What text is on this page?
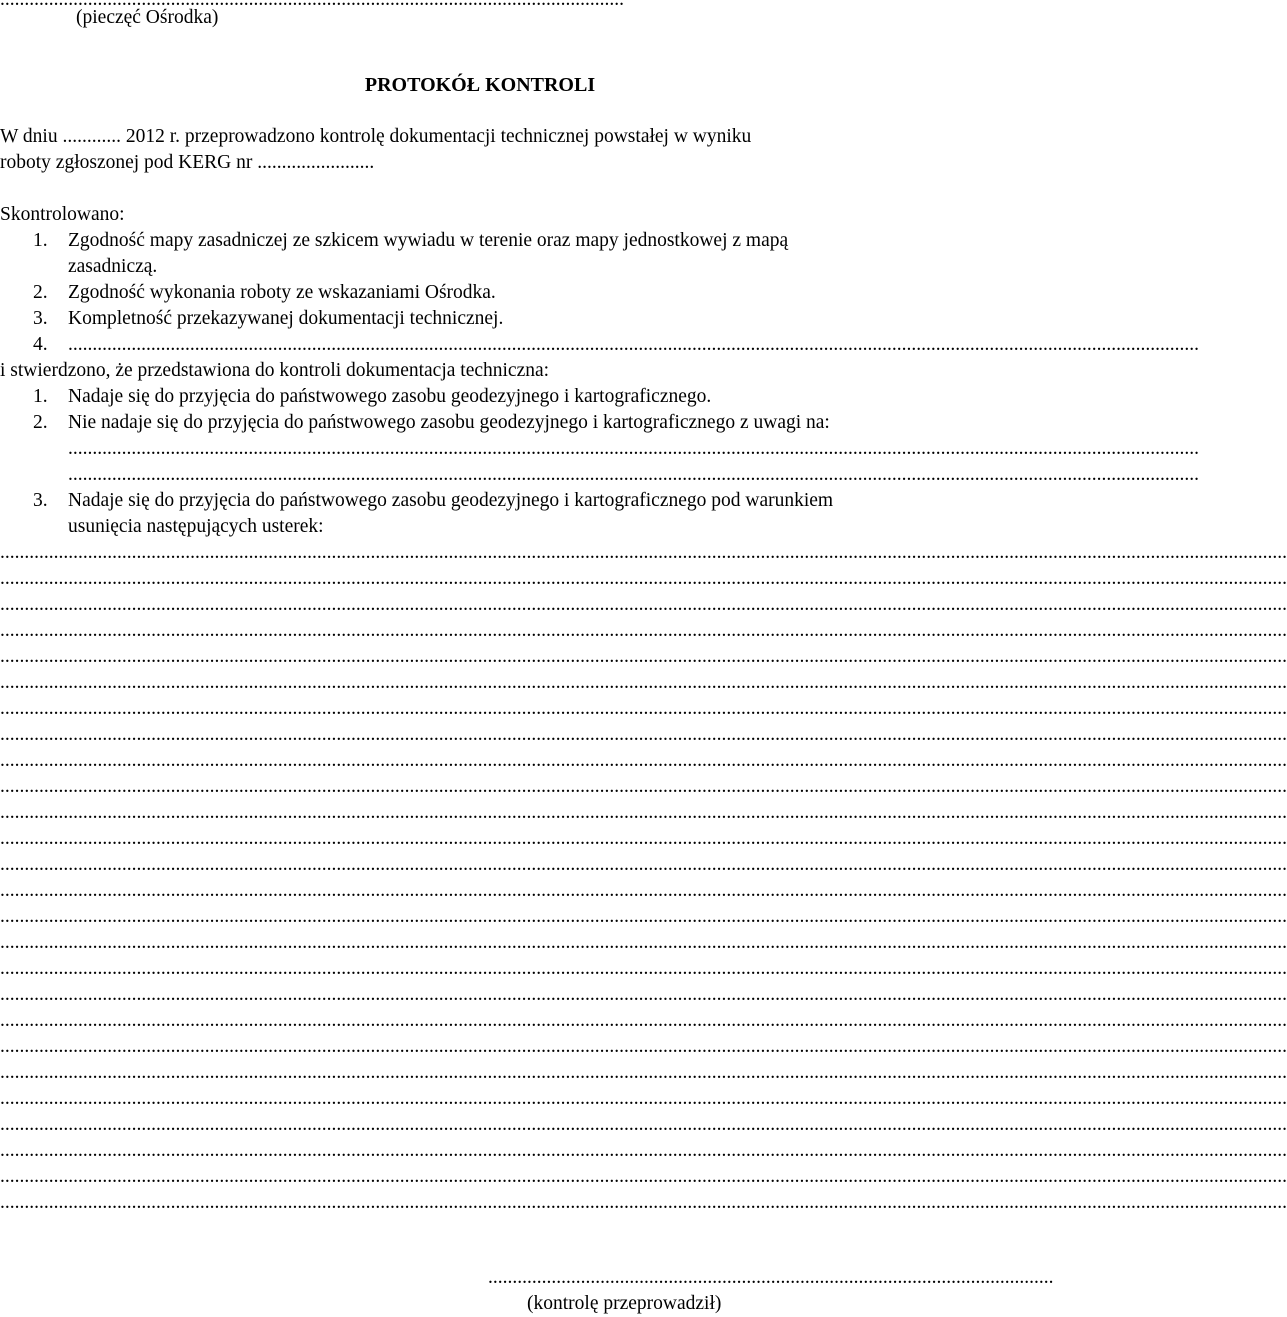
(pieczęć Ośrodka)
PROTOKÓŁ KONTROLI
W dniu ............ 2012 r. przeprowadzono kontrolę dokumentacji technicznej powstałej w wyniku
roboty zgłoszonej pod KERG nr ........................
Skontrolowano:
1.	Zgodność mapy zasadniczej ze szkicem wywiadu w terenie oraz mapy jednostkowej z mapą
zasadniczą.
2.	Zgodność wykonania roboty ze wskazaniami Ośrodka.
3.	Kompletność przekazywanej dokumentacji technicznej.
4.	........................................................................................................................................................................................................................................
i stwierdzono, że przedstawiona do kontroli dokumentacja techniczna:
1.	Nadaje się do przyjęcia do państwowego zasobu geodezyjnego i kartograficznego.
2.	Nie nadaje się do przyjęcia do państwowego zasobu geodezyjnego i kartograficznego z uwagi na:
........................................................................................................................................................................................................................................
........................................................................................................................................................................................................................................
3.	Nadaje się do przyjęcia do państwowego zasobu geodezyjnego i kartograficznego pod warunkiem
usunięcia następujących usterek:
........................................................................................................................................................................................................................................................................
........................................................................................................................................................................................................................................................................
........................................................................................................................................................................................................................................................................
........................................................................................................................................................................................................................................................................
........................................................................................................................................................................................................................................................................
........................................................................................................................................................................................................................................................................
........................................................................................................................................................................................................................................................................
........................................................................................................................................................................................................................................................................
........................................................................................................................................................................................................................................................................
........................................................................................................................................................................................................................................................................
........................................................................................................................................................................................................................................................................
........................................................................................................................................................................................................................................................................
........................................................................................................................................................................................................................................................................
........................................................................................................................................................................................................................................................................
........................................................................................................................................................................................................................................................................
........................................................................................................................................................................................................................................................................
........................................................................................................................................................................................................................................................................
........................................................................................................................................................................................................................................................................
........................................................................................................................................................................................................................................................................
........................................................................................................................................................................................................................................................................
........................................................................................................................................................................................................................................................................
........................................................................................................................................................................................................................................................................
........................................................................................................................................................................................................................................................................
........................................................................................................................................................................................................................................................................
........................................................................................................................................................................................................................................................................
........................................................................................................................................................................................................................................................................
....................................................................................................................
(kontrolę przeprowadził)
